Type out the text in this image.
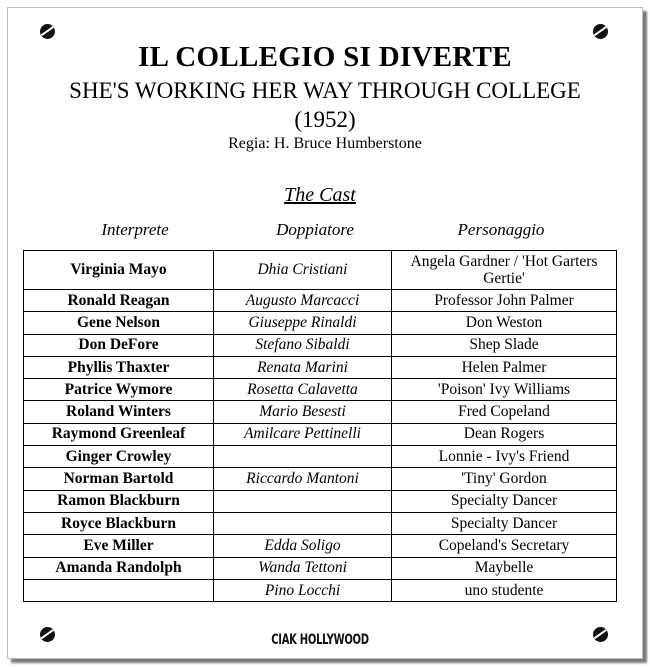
IL COLLEGIO SI DIVERTE
SHE'S WORKING HER WAY THROUGH COLLEGE
(1952)
Regia: H. Bruce Humberstone
The Cast
Interprete	Doppiatore	Personaggio
Virginia Mayo	Dhia Cristiani	Angela Gardner / 'Hot Garters Gertie'
Ronald Reagan	Augusto Marcacci	Professor John Palmer
Gene Nelson	Giuseppe Rinaldi	Don Weston
Don DeFore	Stefano Sibaldi	Shep Slade
Phyllis Thaxter	Renata Marini	Helen Palmer
Patrice Wymore	Rosetta Calavetta	'Poison' Ivy Williams
Roland Winters	Mario Besesti	Fred Copeland
Raymond Greenleaf	Amilcare Pettinelli	Dean Rogers
Ginger Crowley		Lonnie - Ivy's Friend
Norman Bartold	Riccardo Mantoni	'Tiny' Gordon
Ramon Blackburn		Specialty Dancer
Royce Blackburn		Specialty Dancer
Eve Miller	Edda Soligo	Copeland's Secretary
Amanda Randolph	Wanda Tettoni	Maybelle
	Pino Locchi	uno studente
CIAK HOLLYWOOD
